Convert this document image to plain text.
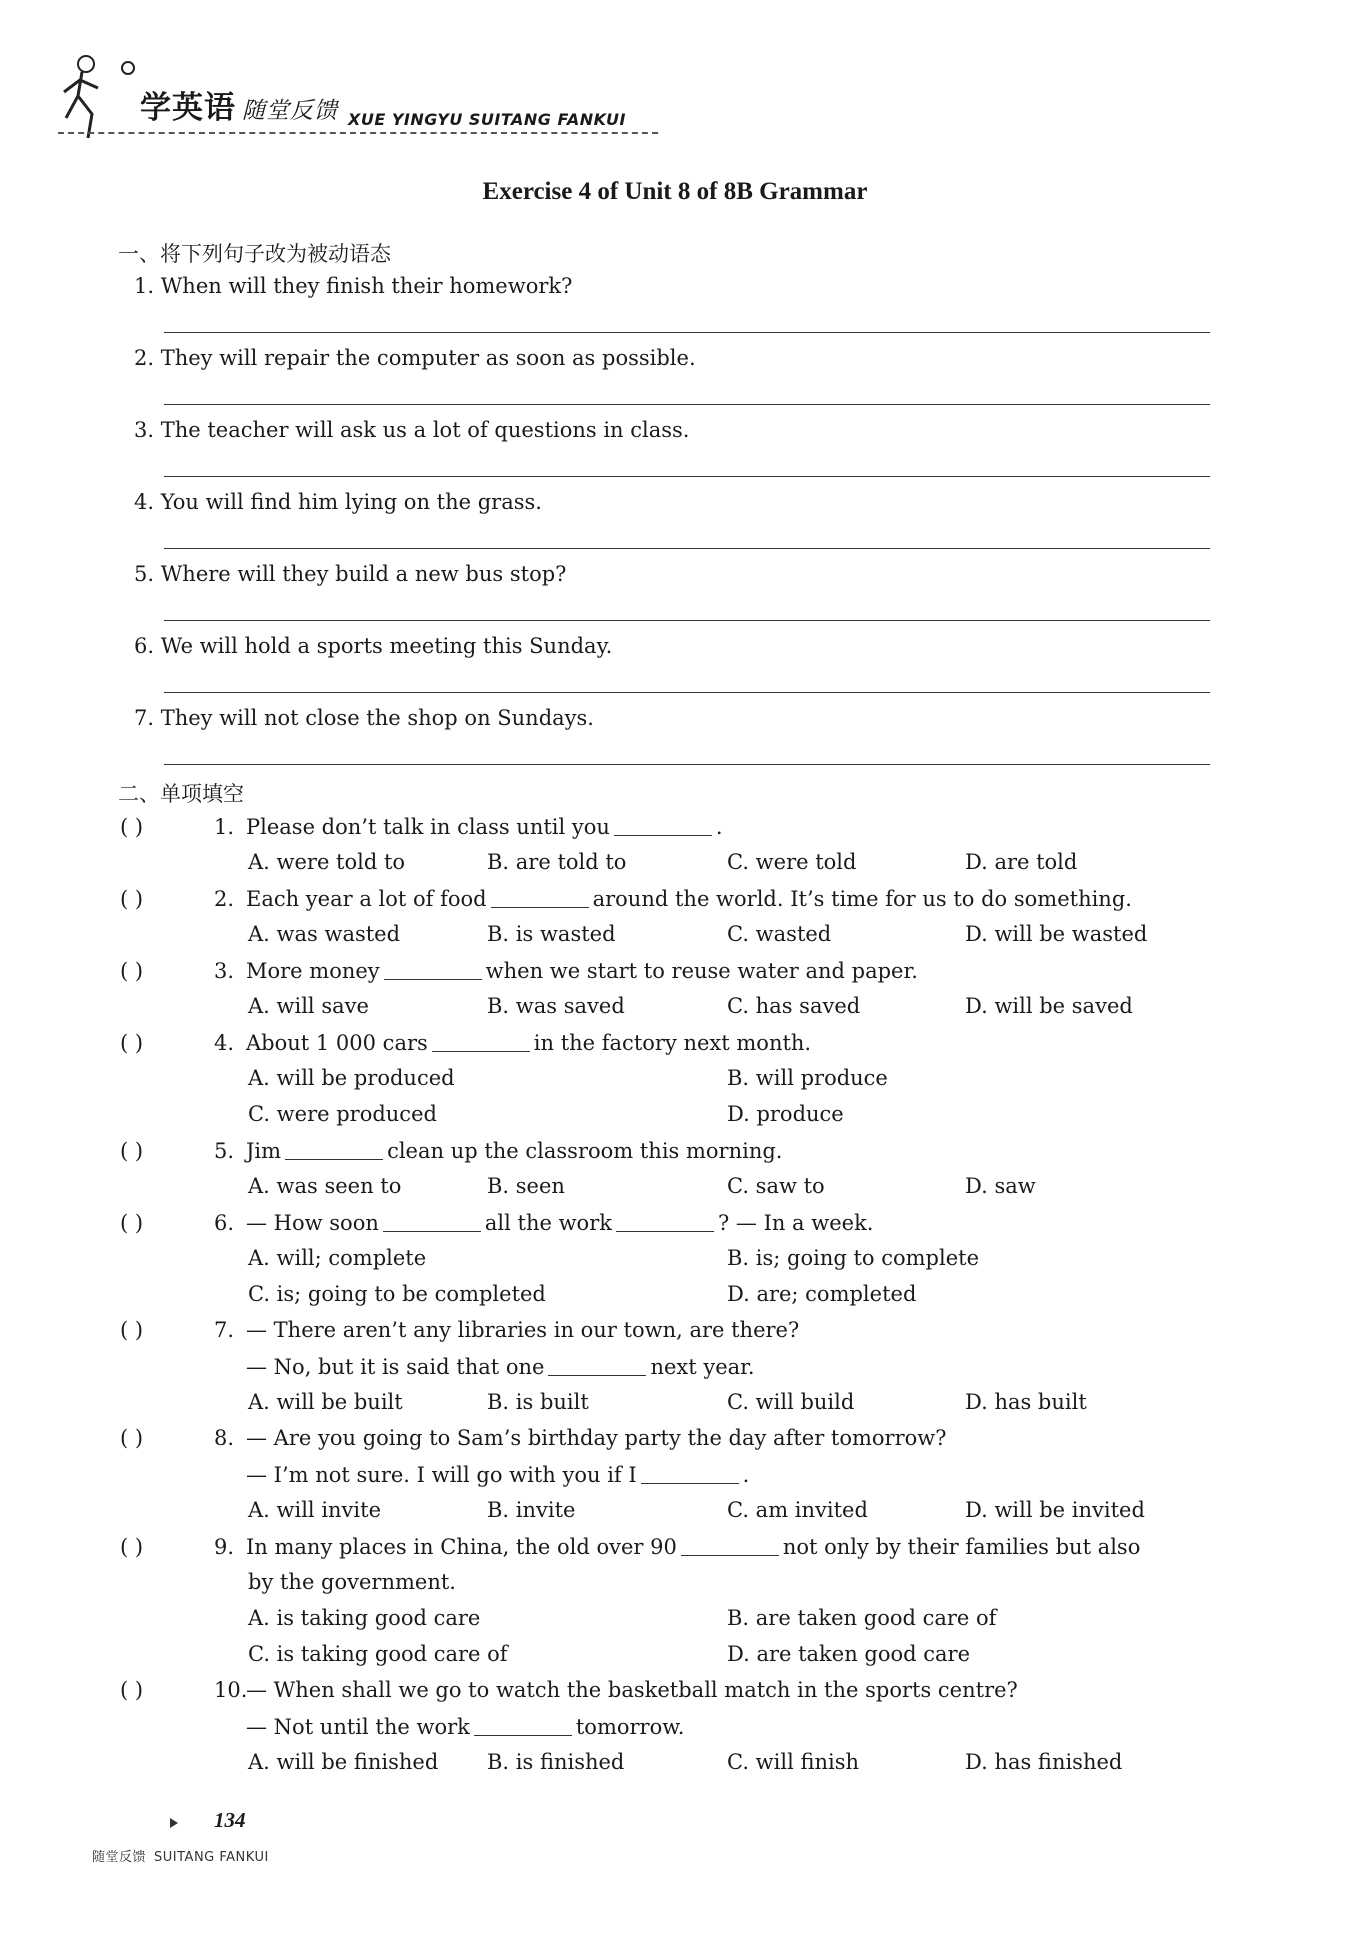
学英语 随堂反馈 XUE YINGYU SUITANG FANKUI
Exercise 4 of Unit 8 of 8B Grammar
一、将下列句子改为被动语态
1. When will they finish their homework?
2. They will repair the computer as soon as possible.
3. The teacher will ask us a lot of questions in class.
4. You will find him lying on the grass.
5. Where will they build a new bus stop?
6. We will hold a sports meeting this Sunday.
7. They will not close the shop on Sundays.
二、单项填空
( )	1. Please don’t talk in class until you	.
A. were told to	B. are told to	C. were told	D. are told
( )	2. Each year a lot of food	around the world. It’s time for us to do something.
A. was wasted	B. is wasted	C. wasted	D. will be wasted
( )	3. More money	when we start to reuse water and paper.
A. will save	B. was saved	C. has saved	D. will be saved
( )	4. About 1 000 cars	in the factory next month.
A. will be produced	B. will produce
C. were produced	D. produce
( )	5. Jim	clean up the classroom this morning.
A. was seen to	B. seen	C. saw to	D. saw
( )	6. — How soon	all the work	? — In a week.
A. will; complete	B. is; going to complete
C. is; going to be completed	D. are; completed
( )	7. — There aren’t any libraries in our town, are there?
— No, but it is said that one	next year.
A. will be built	B. is built	C. will build	D. has built
( )	8. — Are you going to Sam’s birthday party the day after tomorrow?
— I’m not sure. I will go with you if I	.
A. will invite	B. invite	C. am invited	D. will be invited
( )	9. In many places in China, the old over 90	not only by their families but also
by the government.
A. is taking good care	B. are taken good care of
C. is taking good care of	D. are taken good care
( )	10.— When shall we go to watch the basketball match in the sports centre?
— Not until the work	tomorrow.
A. will be finished B. is finished	C. will finish	D. has finished
134
随堂反馈 SUITANG FANKUI
